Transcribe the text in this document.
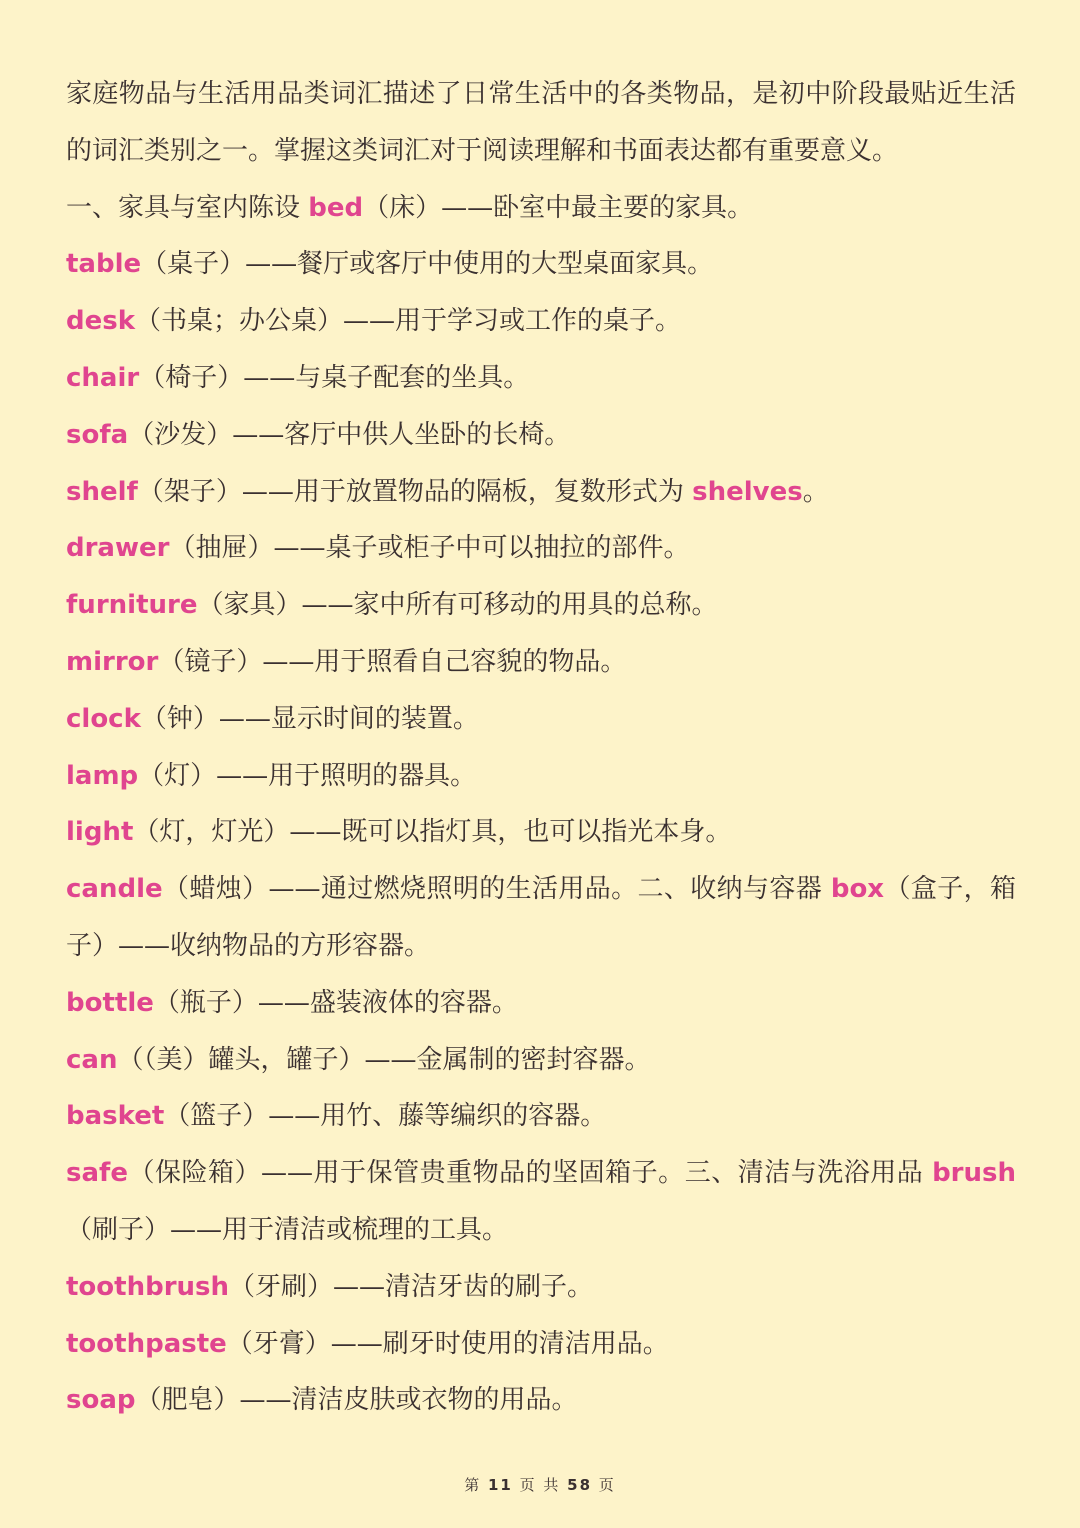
家庭物品与生活用品类词汇描述了日常生活中的各类物品，是初中阶段最贴近生活的词汇类别之一。掌握这类词汇对于阅读理解和书面表达都有重要意义。

一、家具与室内陈设 bed（床）——卧室中最主要的家具。

table（桌子）——餐厅或客厅中使用的大型桌面家具。

desk（书桌；办公桌）——用于学习或工作的桌子。

chair（椅子）——与桌子配套的坐具。

sofa（沙发）——客厅中供人坐卧的长椅。

shelf（架子）——用于放置物品的隔板，复数形式为 shelves。

drawer（抽屉）——桌子或柜子中可以抽拉的部件。

furniture（家具）——家中所有可移动的用具的总称。

mirror（镜子）——用于照看自己容貌的物品。

clock（钟）——显示时间的装置。

lamp（灯）——用于照明的器具。

light（灯，灯光）——既可以指灯具，也可以指光本身。

candle（蜡烛）——通过燃烧照明的生活用品。二、收纳与容器 box（盒子，箱子）——收纳物品的方形容器。

bottle（瓶子）——盛装液体的容器。

can（（美）罐头，罐子）——金属制的密封容器。

basket（篮子）——用竹、藤等编织的容器。

safe（保险箱）——用于保管贵重物品的坚固箱子。三、清洁与洗浴用品 brush（刷子）——用于清洁或梳理的工具。

toothbrush（牙刷）——清洁牙齿的刷子。

toothpaste（牙膏）——刷牙时使用的清洁用品。

soap（肥皂）——清洁皮肤或衣物的用品。

第 11 页 共 58 页
